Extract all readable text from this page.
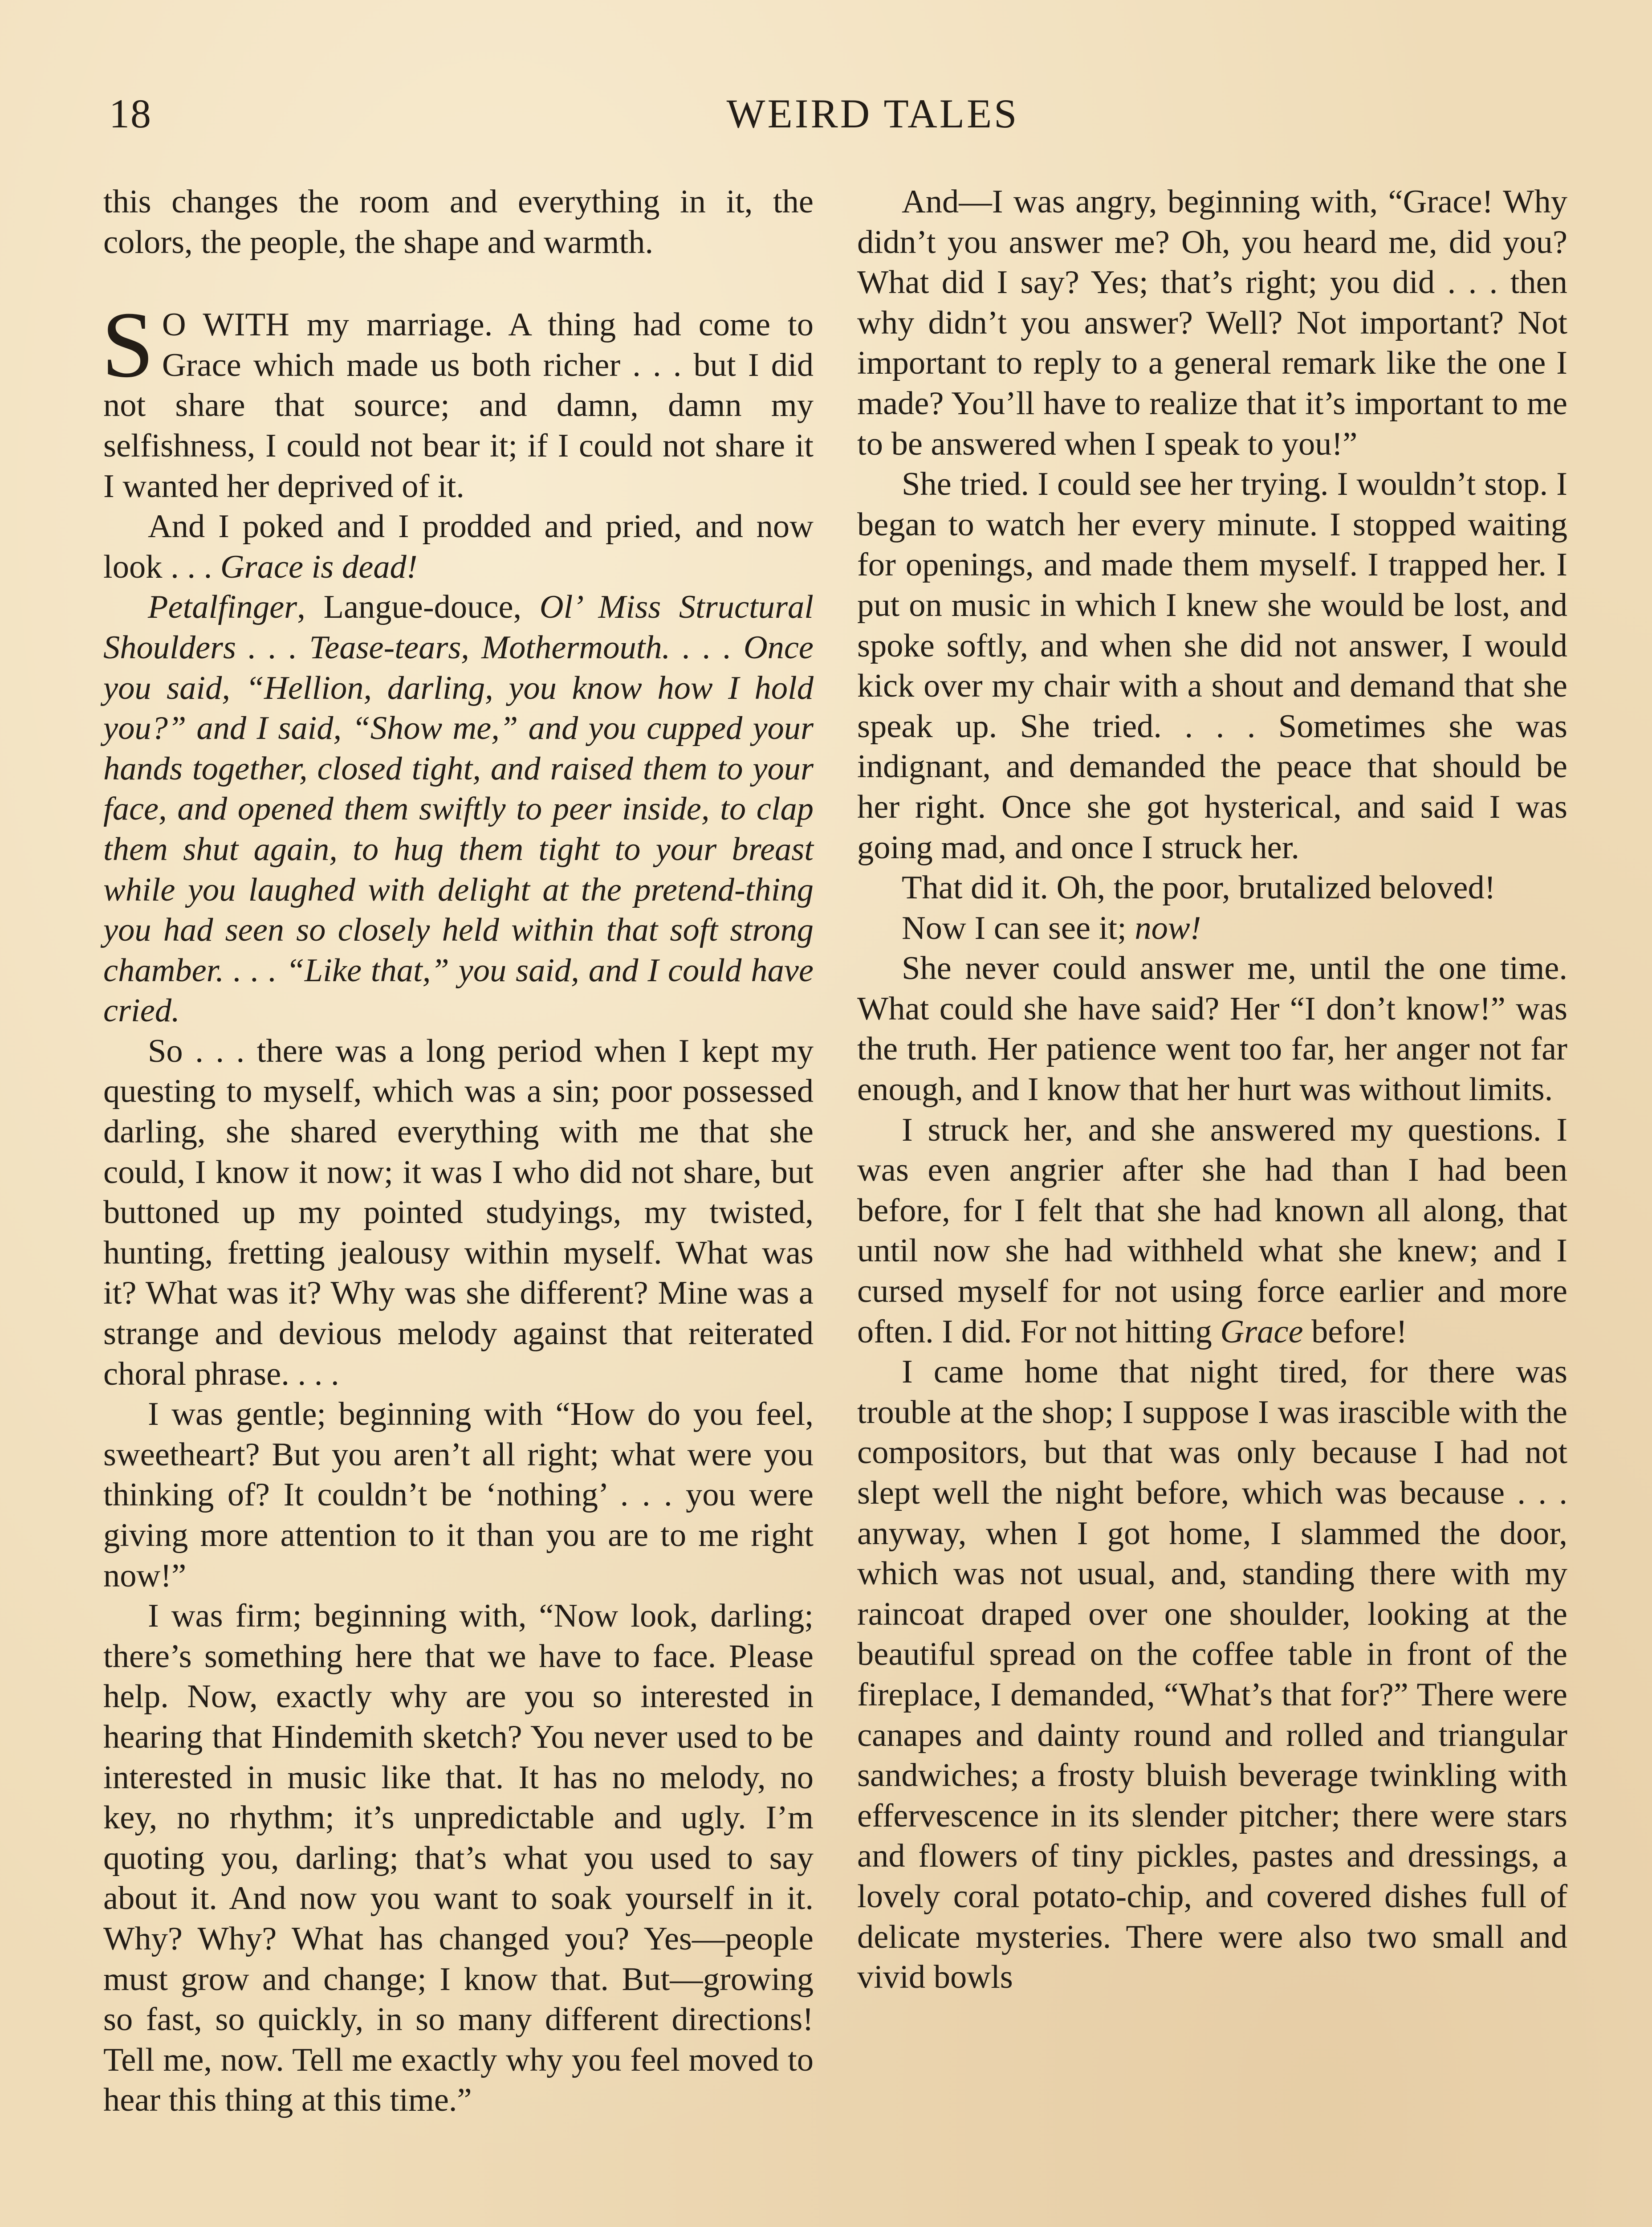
18	WEIRD TALES

this changes the room and everything in it, the colors, the people, the shape and warmth.

S O WITH my marriage. A thing had come to Grace which made us both richer . . . but I did not share that source; and damn, damn my selfishness, I could not bear it; if I could not share it I wanted her deprived of it.

And I poked and I prodded and pried, and now look . . . Grace is dead!

Petalfinger, Langue-douce, Ol’ Miss Structural Shoulders . . . Tease-tears, Mothermouth. . . . Once you said, “Hellion, darling, you know how I hold you?” and I said, “Show me,” and you cupped your hands together, closed tight, and raised them to your face, and opened them swiftly to peer inside, to clap them shut again, to hug them tight to your breast while you laughed with delight at the pretend-thing you had seen so closely held within that soft strong chamber. . . . “Like that,” you said, and I could have cried.

So . . . there was a long period when I kept my questing to myself, which was a sin; poor possessed darling, she shared everything with me that she could, I know it now; it was I who did not share, but buttoned up my pointed studyings, my twisted, hunting, fretting jealousy within myself. What was it? What was it? Why was she different? Mine was a strange and devious melody against that reiterated choral phrase. . . .

I was gentle; beginning with “How do you feel, sweetheart? But you aren’t all right; what were you thinking of? It couldn’t be ‘nothing’ . . . you were giving more attention to it than you are to me right now!”

I was firm; beginning with, “Now look, darling; there’s something here that we have to face. Please help. Now, exactly why are you so interested in hearing that Hindemith sketch? You never used to be interested in music like that. It has no melody, no key, no rhythm; it’s unpredictable and ugly. I’m quoting you, darling; that’s what you used to say about it. And now you want to soak yourself in it. Why? Why? What has changed you? Yes—people must grow and change; I know that. But—growing so fast, so quickly, in so many different directions! Tell me, now. Tell me exactly why you feel moved to hear this thing at this time.”

And—I was angry, beginning with, “Grace! Why didn’t you answer me? Oh, you heard me, did you? What did I say? Yes; that’s right; you did . . . then why didn’t you answer? Well? Not important? Not important to reply to a general remark like the one I made? You’ll have to realize that it’s important to me to be answered when I speak to you!”

She tried. I could see her trying. I wouldn’t stop. I began to watch her every minute. I stopped waiting for openings, and made them myself. I trapped her. I put on music in which I knew she would be lost, and spoke softly, and when she did not answer, I would kick over my chair with a shout and demand that she speak up. She tried. . . . Sometimes she was indignant, and demanded the peace that should be her right. Once she got hysterical, and said I was going mad, and once I struck her.

That did it. Oh, the poor, brutalized beloved!

Now I can see it; now!

She never could answer me, until the one time. What could she have said? Her “I don’t know!” was the truth. Her patience went too far, her anger not far enough, and I know that her hurt was without limits.

I struck her, and she answered my questions. I was even angrier after she had than I had been before, for I felt that she had known all along, that until now she had withheld what she knew; and I cursed myself for not using force earlier and more often. I did. For not hitting Grace before!

I came home that night tired, for there was trouble at the shop; I suppose I was irascible with the compositors, but that was only because I had not slept well the night before, which was because . . . anyway, when I got home, I slammed the door, which was not usual, and, standing there with my raincoat draped over one shoulder, looking at the beautiful spread on the coffee table in front of the fireplace, I demanded, “What’s that for?” There were canapes and dainty round and rolled and triangular sandwiches; a frosty bluish beverage twinkling with effervescence in its slender pitcher; there were stars and flowers of tiny pickles, pastes and dressings, a lovely coral potato-chip, and covered dishes full of delicate mysteries. There were also two small and vivid bowls
